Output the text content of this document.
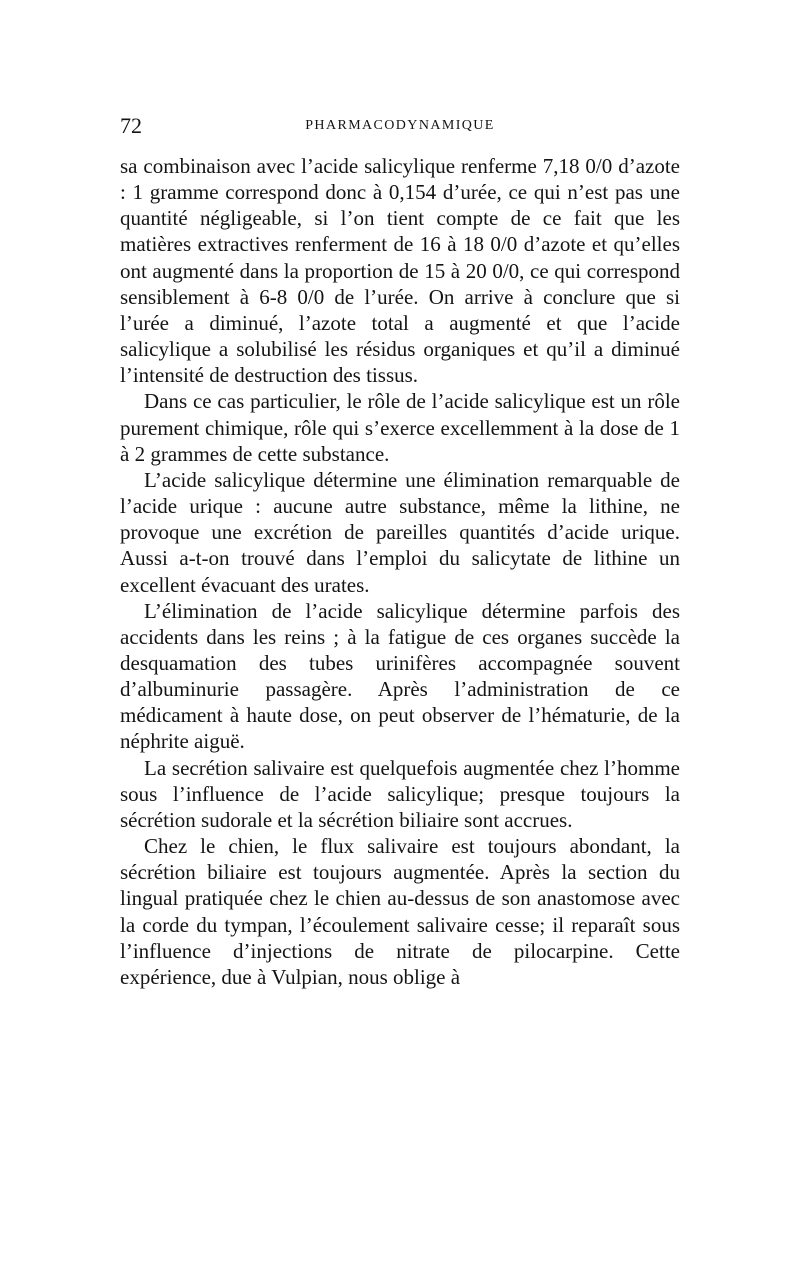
72	PHARMACODYNAMIQUE

sa combinaison avec l’acide salicylique renferme 7,18 0/0 d’azote : 1 gramme correspond donc à 0,154 d’urée, ce qui n’est pas une quantité négligeable, si l’on tient compte de ce fait que les matières extractives renferment de 16 à 18 0/0 d’azote et qu’elles ont augmenté dans la proportion de 15 à 20 0/0, ce qui correspond sensiblement à 6-8 0/0 de l’urée. On arrive à conclure que si l’urée a diminué, l’azote total a augmenté et que l’acide salicylique a solubilisé les résidus organiques et qu’il a diminué l’intensité de destruction des tissus.

Dans ce cas particulier, le rôle de l’acide salicylique est un rôle purement chimique, rôle qui s’exerce excellemment à la dose de 1 à 2 grammes de cette substance.

L’acide salicylique détermine une élimination remarquable de l’acide urique : aucune autre substance, même la lithine, ne provoque une excrétion de pareilles quantités d’acide urique. Aussi a-t-on trouvé dans l’emploi du salicytate de lithine un excellent évacuant des urates.

L’élimination de l’acide salicylique détermine parfois des accidents dans les reins ; à la fatigue de ces organes succède la desquamation des tubes urinifères accompagnée souvent d’albuminurie passagère. Après l’administration de ce médicament à haute dose, on peut observer de l’hématurie, de la néphrite aiguë.

La secrétion salivaire est quelquefois augmentée chez l’homme sous l’influence de l’acide salicylique; presque toujours la sécrétion sudorale et la sécrétion biliaire sont accrues.

Chez le chien, le flux salivaire est toujours abondant, la sécrétion biliaire est toujours augmentée. Après la section du lingual pratiquée chez le chien au-dessus de son anastomose avec la corde du tympan, l’écoulement salivaire cesse; il reparaît sous l’influence d’injections de nitrate de pilocarpine. Cette expérience, due à Vulpian, nous oblige à
